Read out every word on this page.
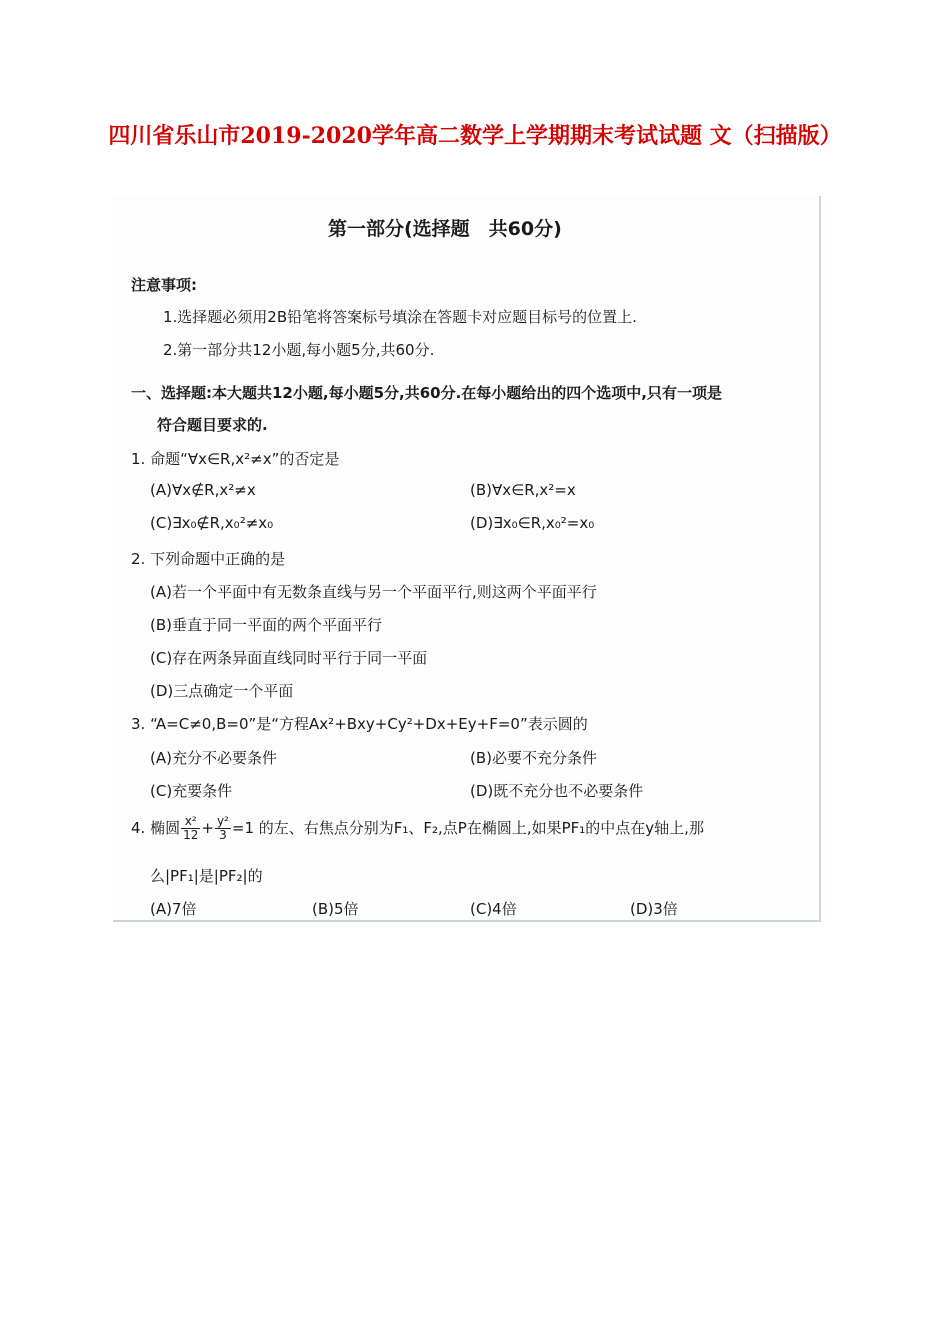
四川省乐山市2019-2020学年高二数学上学期期末考试试题 文（扫描版）
第一部分(选择题　共60分)
注意事项:
1.选择题必须用2B铅笔将答案标号填涂在答题卡对应题目标号的位置上.
2.第一部分共12小题,每小题5分,共60分.
一、选择题:本大题共12小题,每小题5分,共60分.在每小题给出的四个选项中,只有一项是
符合题目要求的.
1. 命题“∀x∈R,x²≠x”的否定是
(A)∀x∉R,x²≠x	(B)∀x∈R,x²=x
(C)∃x₀∉R,x₀²≠x₀	(D)∃x₀∈R,x₀²=x₀
2. 下列命题中正确的是
(A)若一个平面中有无数条直线与另一个平面平行,则这两个平面平行
(B)垂直于同一平面的两个平面平行
(C)存在两条异面直线同时平行于同一平面
(D)三点确定一个平面
3. “A=C≠0,B=0”是“方程Ax²+Bxy+Cy²+Dx+Ey+F=0”表示圆的
(A)充分不必要条件	(B)必要不充分条件
(C)充要条件	(D)既不充分也不必要条件
4. 椭圆 $\frac{\text{x²}}{12} + \frac{\text{y²}}{3} =1$ 的左、右焦点分别为F₁、F₂,点P在椭圆上,如果PF₁的中点在y轴上,那
么|PF₁|是|PF₂|的
(A)7倍	(B)5倍	(C)4倍	(D)3倍
